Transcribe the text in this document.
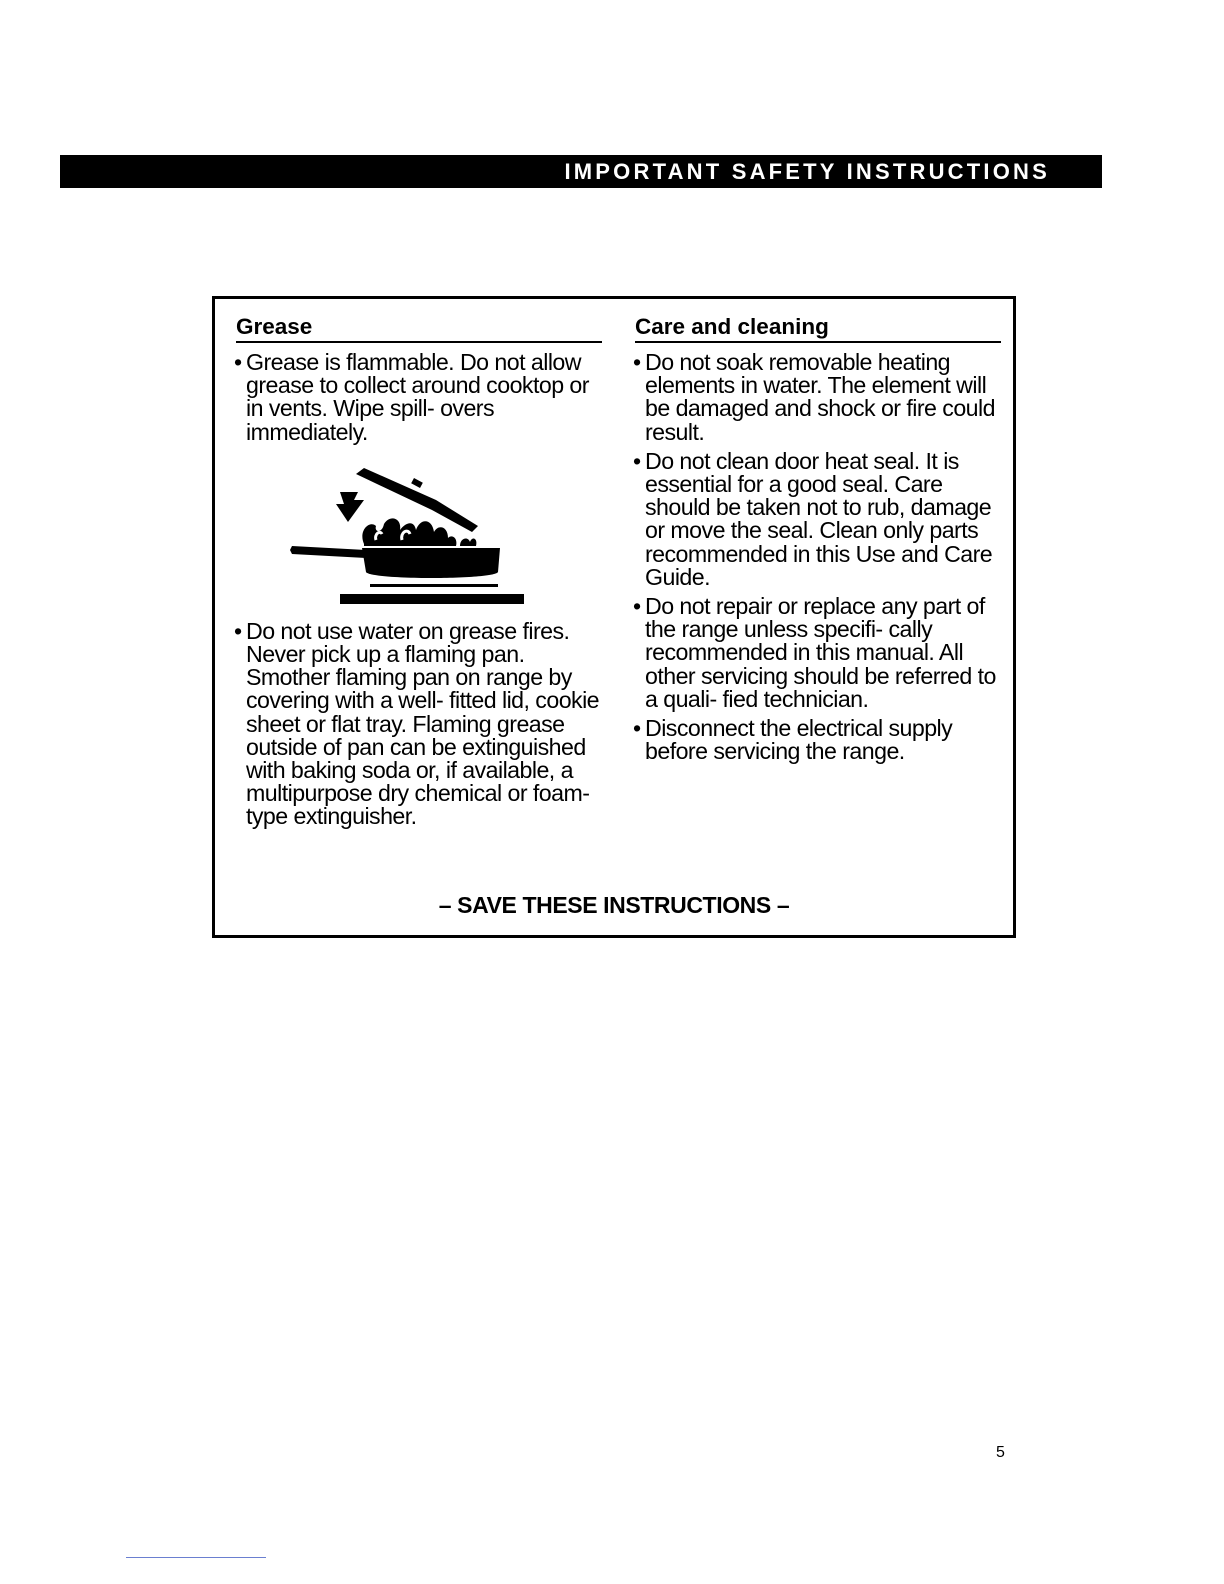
IMPORTANT SAFETY INSTRUCTIONS
Grease
• Grease is flammable. Do not allow grease to collect around cooktop or in vents. Wipe spill- overs immediately.
• Do not use water on grease fires. Never pick up a flaming pan. Smother flaming pan on range by covering with a well- fitted lid, cookie sheet or flat tray. Flaming grease outside of pan can be extinguished with baking soda or, if available, a multipurpose dry chemical or foam-type extinguisher.
Care and cleaning
• Do not soak removable heating elements in water. The element will be damaged and shock or fire could result.
• Do not clean door heat seal. It is essential for a good seal. Care should be taken not to rub, damage or move the seal. Clean only parts recommended in this Use and Care Guide.
• Do not repair or replace any part of the range unless specifi- cally recommended in this manual. All other servicing should be referred to a quali- fied technician.
• Disconnect the electrical supply before servicing the range.
– SAVE THESE INSTRUCTIONS –
5
